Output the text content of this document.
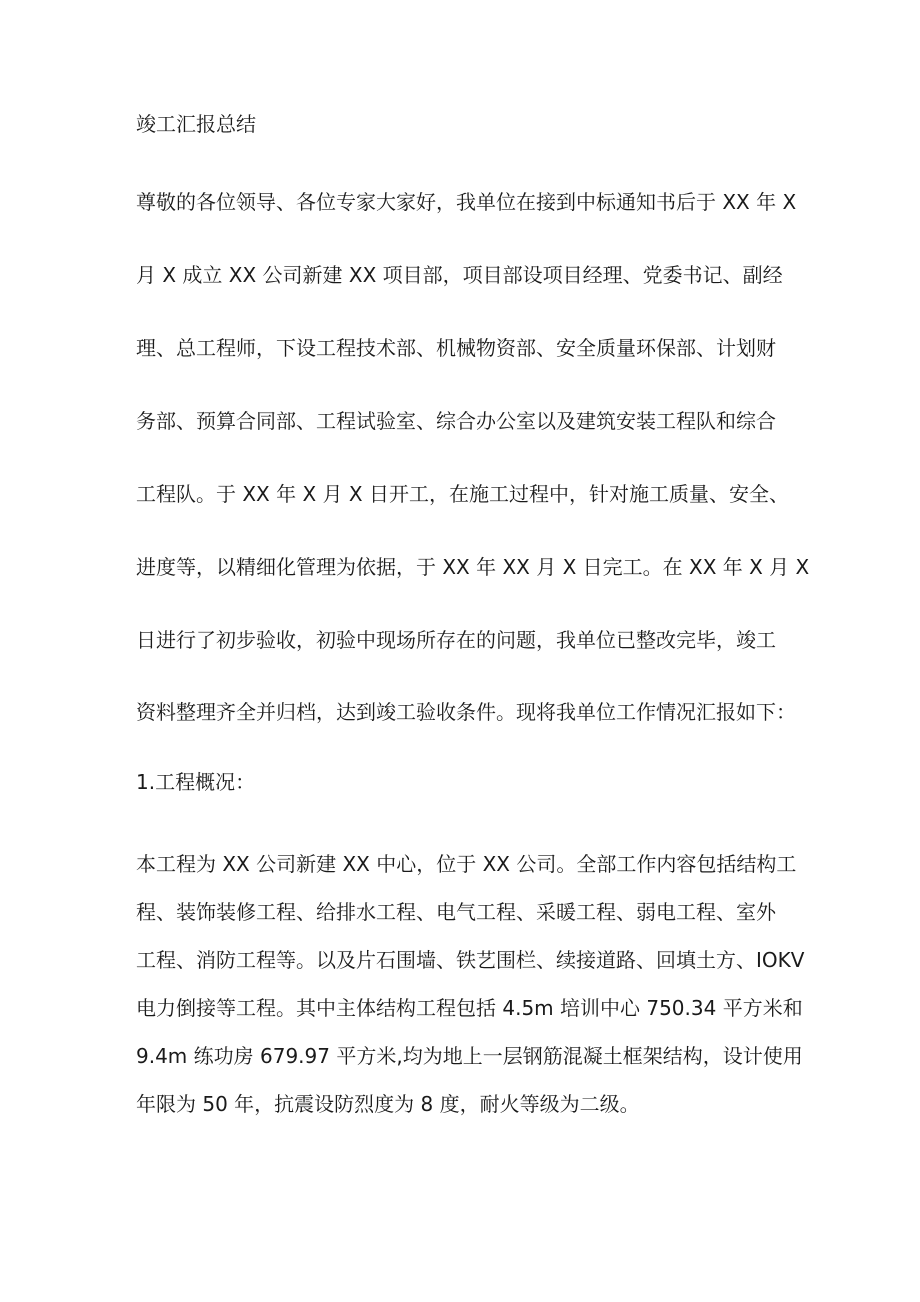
竣工汇报总结
尊敬的各位领导、各位专家大家好，我单位在接到中标通知书后于 XX 年 X
月 X 成立 XX 公司新建 XX 项目部，项目部设项目经理、党委书记、副经
理、总工程师，下设工程技术部、机械物资部、安全质量环保部、计划财
务部、预算合同部、工程试验室、综合办公室以及建筑安装工程队和综合
工程队。于 XX 年 X 月 X 日开工，在施工过程中，针对施工质量、安全、
进度等，以精细化管理为依据，于 XX 年 XX 月 X 日完工。在 XX 年 X 月 X
日进行了初步验收，初验中现场所存在的问题，我单位已整改完毕，竣工
资料整理齐全并归档，达到竣工验收条件。现将我单位工作情况汇报如下：
1.工程概况：
本工程为 XX 公司新建 XX 中心，位于 XX 公司。全部工作内容包括结构工
程、装饰装修工程、给排水工程、电气工程、采暖工程、弱电工程、室外
工程、消防工程等。以及片石围墙、铁艺围栏、续接道路、回填土方、IOKV
电力倒接等工程。其中主体结构工程包括 4.5m 培训中心 750.34 平方米和
9.4m 练功房 679.97 平方米,均为地上一层钢筋混凝土框架结构，设计使用
年限为 50 年，抗震设防烈度为 8 度，耐火等级为二级。
